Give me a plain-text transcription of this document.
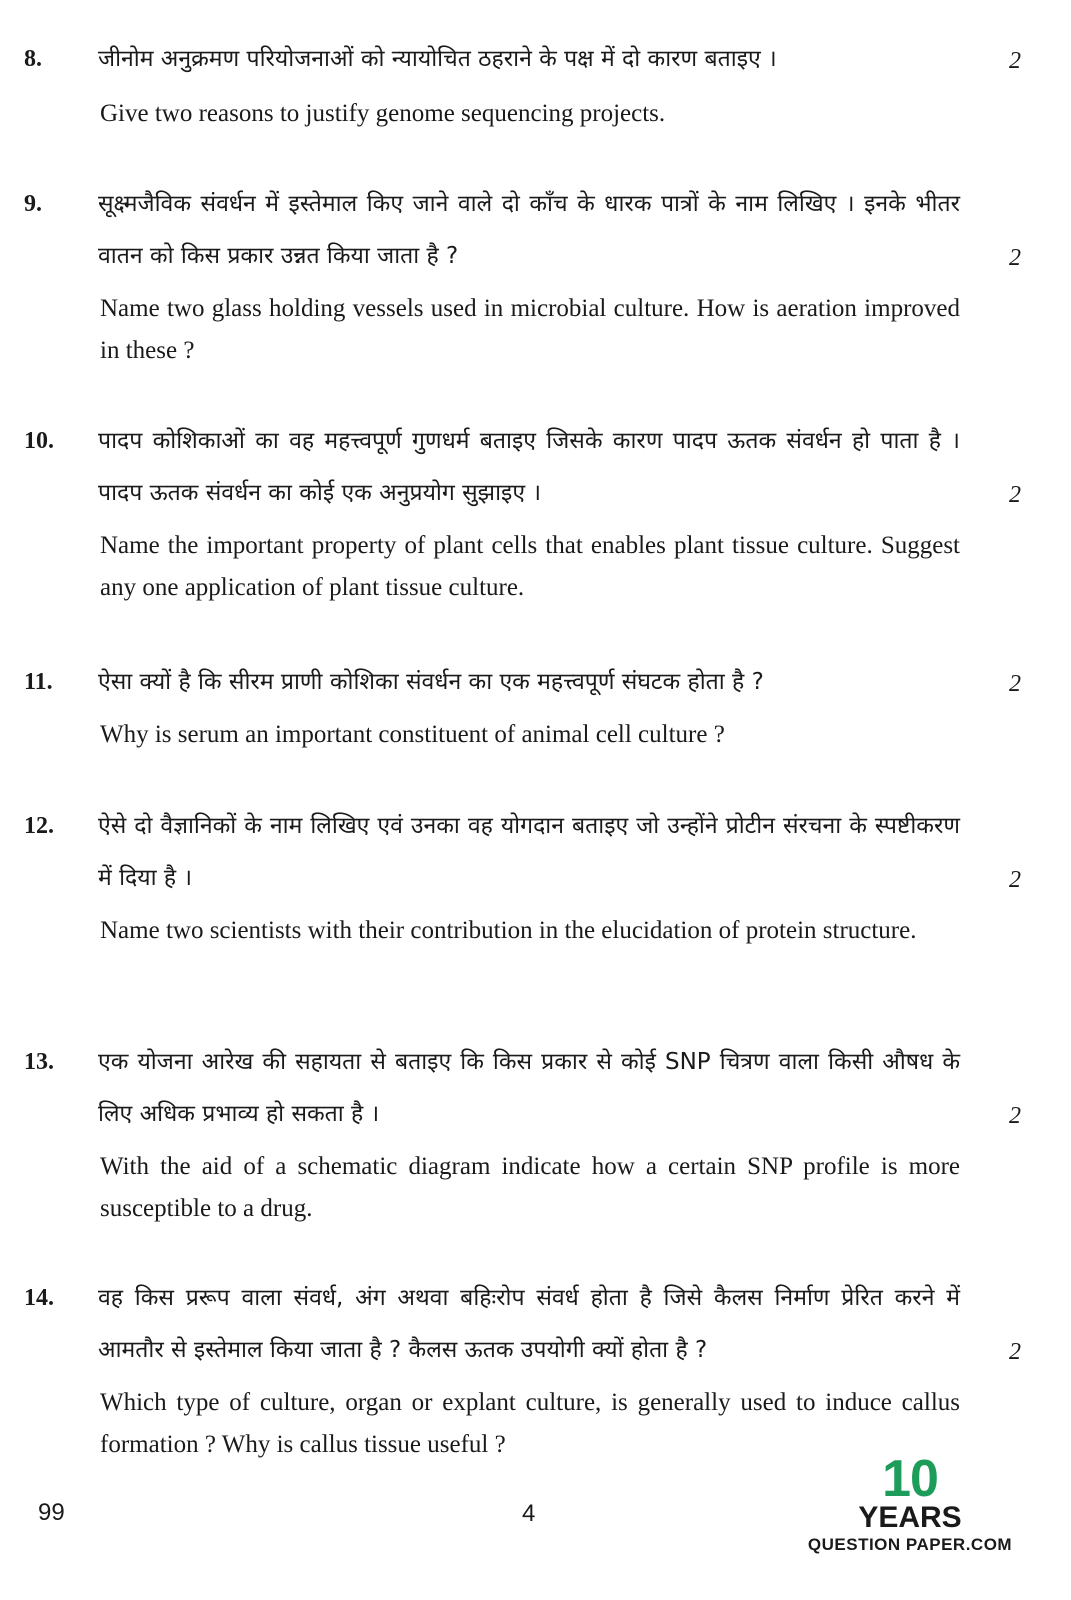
8. जीनोम अनुक्रमण परियोजनाओं को न्यायोचित ठहराने के पक्ष में दो कारण बताइए ।
Give two reasons to justify genome sequencing projects.
2
9. सूक्ष्मजैविक संवर्धन में इस्तेमाल किए जाने वाले दो काँच के धारक पात्रों के नाम लिखिए । इनके भीतर वातन को किस प्रकार उन्नत किया जाता है ?
Name two glass holding vessels used in microbial culture. How is aeration improved in these ?
2
10. पादप कोशिकाओं का वह महत्त्वपूर्ण गुणधर्म बताइए जिसके कारण पादप ऊतक संवर्धन हो पाता है । पादप ऊतक संवर्धन का कोई एक अनुप्रयोग सुझाइए ।
Name the important property of plant cells that enables plant tissue culture. Suggest any one application of plant tissue culture.
2
11. ऐसा क्यों है कि सीरम प्राणी कोशिका संवर्धन का एक महत्त्वपूर्ण संघटक होता है ?
Why is serum an important constituent of animal cell culture ?
2
12. ऐसे दो वैज्ञानिकों के नाम लिखिए एवं उनका वह योगदान बताइए जो उन्होंने प्रोटीन संरचना के स्पष्टीकरण में दिया है ।
Name two scientists with their contribution in the elucidation of protein structure.
2
13. एक योजना आरेख की सहायता से बताइए कि किस प्रकार से कोई SNP चित्रण वाला किसी औषध के लिए अधिक प्रभाव्य हो सकता है ।
With the aid of a schematic diagram indicate how a certain SNP profile is more susceptible to a drug.
2
14. वह किस प्ररूप वाला संवर्ध, अंग अथवा बहिःरोप संवर्ध होता है जिसे कैलस निर्माण प्रेरित करने में आमतौर से इस्तेमाल किया जाता है ? कैलस ऊतक उपयोगी क्यों होता है ?
Which type of culture, organ or explant culture, is generally used to induce callus formation ? Why is callus tissue useful ?
2
99	4
10
YEARS
QUESTION PAPER.COM
